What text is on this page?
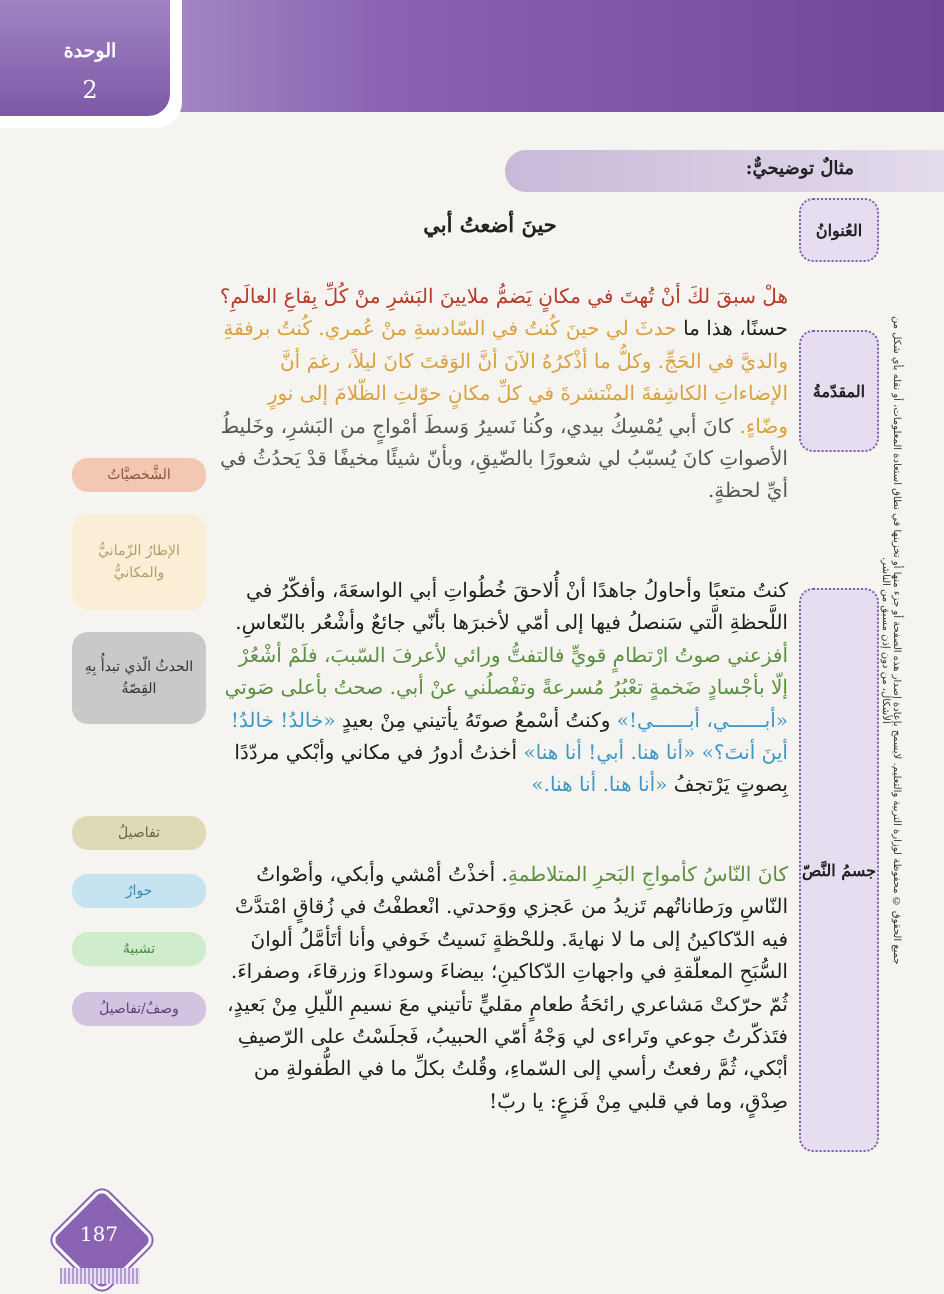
الوحدة
2
مثالٌ توضيحيٌّ:
العُنوانُ
المقدّمةُ
جسمُ النَّصّ
الشَّخصيَّاتُ
الإطارُ الزّمانيُّ والمكانيُّ
الحدثُ الّذي تبدأُ بِهِ القِصّةُ
تفاصيلُ
حوارٌ
تشبيهٌ
وصفٌ/تفاصيلُ
حينَ أضعتُ أبي
هلْ سبقَ لكَ أنْ تُهتَ في مكانٍ يَضمُّ ملايينَ البَشرِ منْ كُلِّ بِقاعِ العالَمِ؟
حسنًا، هذا ما حدثَ لي حينَ كُنتُ في السّادسةِ منْ عُمري. كُنتُ برفقةِ والديَّ في الحَجِّ. وكلُّ ما أذْكرُهُ الآنَ أنَّ الوَقتَ كانَ ليلاً، رغمَ أنَّ الإضاءاتِ الكاشِفةَ المنْتشرةَ في كلِّ مكانٍ حوّلتِ الظّلامَ إلى نورٍ وضّاءٍ. كانَ أبي يُمْسِكُ بيدي، وكُنا نَسيرُ وَسطَ أمْواجٍ من البَشرِ، وخَليطُ الأصواتِ كانَ يُسبّبُ لي شعورًا بالضّيقِ، وبأنّ شيئًا مخيفًا قدْ يَحدُثُ في أيِّ لحظةٍ.
كنتُ متعبًا وأحاولُ جاهدًا أنْ أُلاحقَ خُطُواتِ أبي الواسعَةَ، وأفكّرُ في اللَّحظةِ الَّتي سَنصلُ فيها إلى أمّي لأخبرَها بأنّي جائعٌ وأشْعُر بالنّعاسِ.
أفزعني صوتُ ارْتطامٍ قويٍّ فالتفتُّ ورائي لأعرفَ السّببَ، فلَمْ أشْعُرْ إلّا بأجْسادٍ ضَخمةٍ تعْبُرُ مُسرعةً وتفْصلُني عنْ أبي. صحتُ بأعلى صَوتي «أبــــــي، أبــــــي!» وكنتُ أسْمعُ صوتَهُ يأتيني مِنْ بعيدٍ «خالدُ! خالدُ! أينَ أنتَ؟» «أنا هنا. أبي! أنا هنا» أخذتُ أدورُ في مكاني وأبْكي مردّدًا بِصوتٍ يَرْتجفُ «أنا هنا. أنا هنا.»
كانَ النّاسُ كأمواجِ البَحرِ المتلاطمةِ. أخذْتُ أمْشي وأبكي، وأصْواتُ النّاسِ ورَطاناتُهم تَزيدُ من عَجزي ووَحدتي. انْعطفْتُ في زُقاقٍ امْتدَّتْ فيه الدّكاكينُ إلى ما لا نهايةَ. وللحْظةٍ نَسيتُ خَوفي وأنا أتَأمَّلُ ألوانَ السُّبَحِ المعلّقةِ في واجهاتِ الدّكاكينِ؛ بيضاءَ وسوداءَ وزرقاءَ، وصفراءَ. ثُمّ حرّكتْ مَشاعري رائحَةُ طعامٍ مقليٍّ تأتيني معَ نسيمِ اللّيلِ مِنْ بَعيدٍ، فتَذكّرتُ جوعي وتَراءى لي وَجْهُ أمّي الحبيبُ، فَجلَسْتُ على الرّصيفِ أبْكي، ثُمَّ رفعتُ رأسي إلى السّماءِ، وقُلتُ بكلِّ ما في الطُّفولةِ من صِدْقٍ، وما في قلبي مِنْ فَزعٍ: يا ربّ!
جميع الحقوق © محفوظة لوزارة التربية والتعليم. لايسمح بإعادة إصدار هذه الصفحة أو جزء منها أو تخزينها في نطاق استعادة المعلومات، أو نقله بأي شكل من الأشكال، من دون إذن مسبق من الناشر.
187
